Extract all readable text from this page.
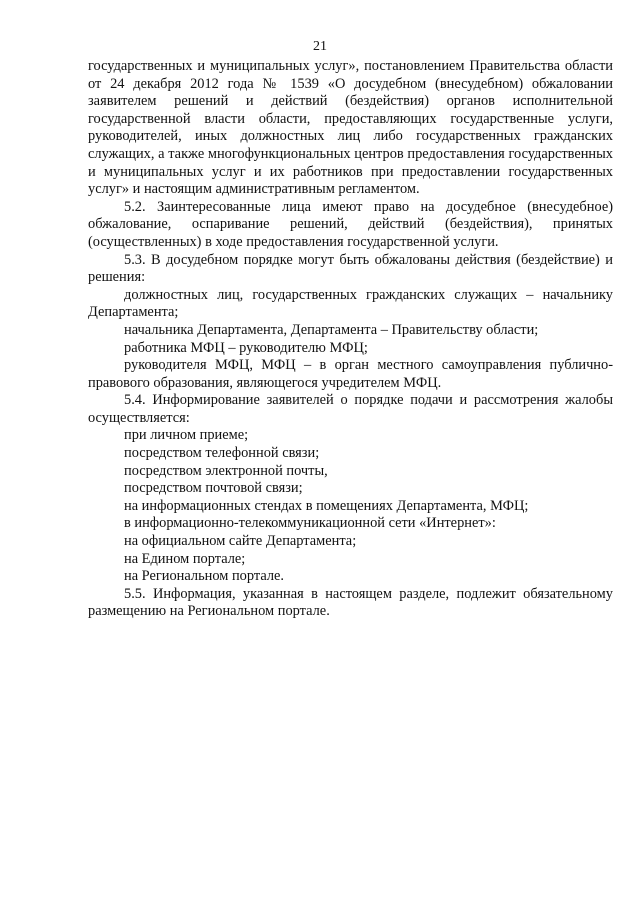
21

государственных и муниципальных услуг», постановлением Правительства области от 24 декабря 2012 года № 1539 «О досудебном (внесудебном) обжаловании заявителем решений и действий (бездействия) органов исполнительной государственной власти области, предоставляющих государственные услуги, руководителей, иных должностных лиц либо государственных гражданских служащих, а также многофункциональных центров предоставления государственных и муниципальных услуг и их работников при предоставлении государственных услуг» и настоящим административным регламентом.

5.2. Заинтересованные лица имеют право на досудебное (внесудебное) обжалование, оспаривание решений, действий (бездействия), принятых (осуществленных) в ходе предоставления государственной услуги.

5.3. В досудебном порядке могут быть обжалованы действия (бездействие) и решения:

должностных лиц, государственных гражданских служащих – начальнику Департамента;

начальника Департамента, Департамента – Правительству области;

работника МФЦ – руководителю МФЦ;

руководителя МФЦ, МФЦ – в орган местного самоуправления публично-правового образования, являющегося учредителем МФЦ.

5.4. Информирование заявителей о порядке подачи и рассмотрения жалобы осуществляется:

при личном приеме;

посредством телефонной связи;

посредством электронной почты,

посредством почтовой связи;

на информационных стендах в помещениях Департамента, МФЦ;

в информационно-телекоммуникационной сети «Интернет»:

на официальном сайте Департамента;

на Едином портале;

на Региональном портале.

5.5. Информация, указанная в настоящем разделе, подлежит обязательному размещению на Региональном портале.
